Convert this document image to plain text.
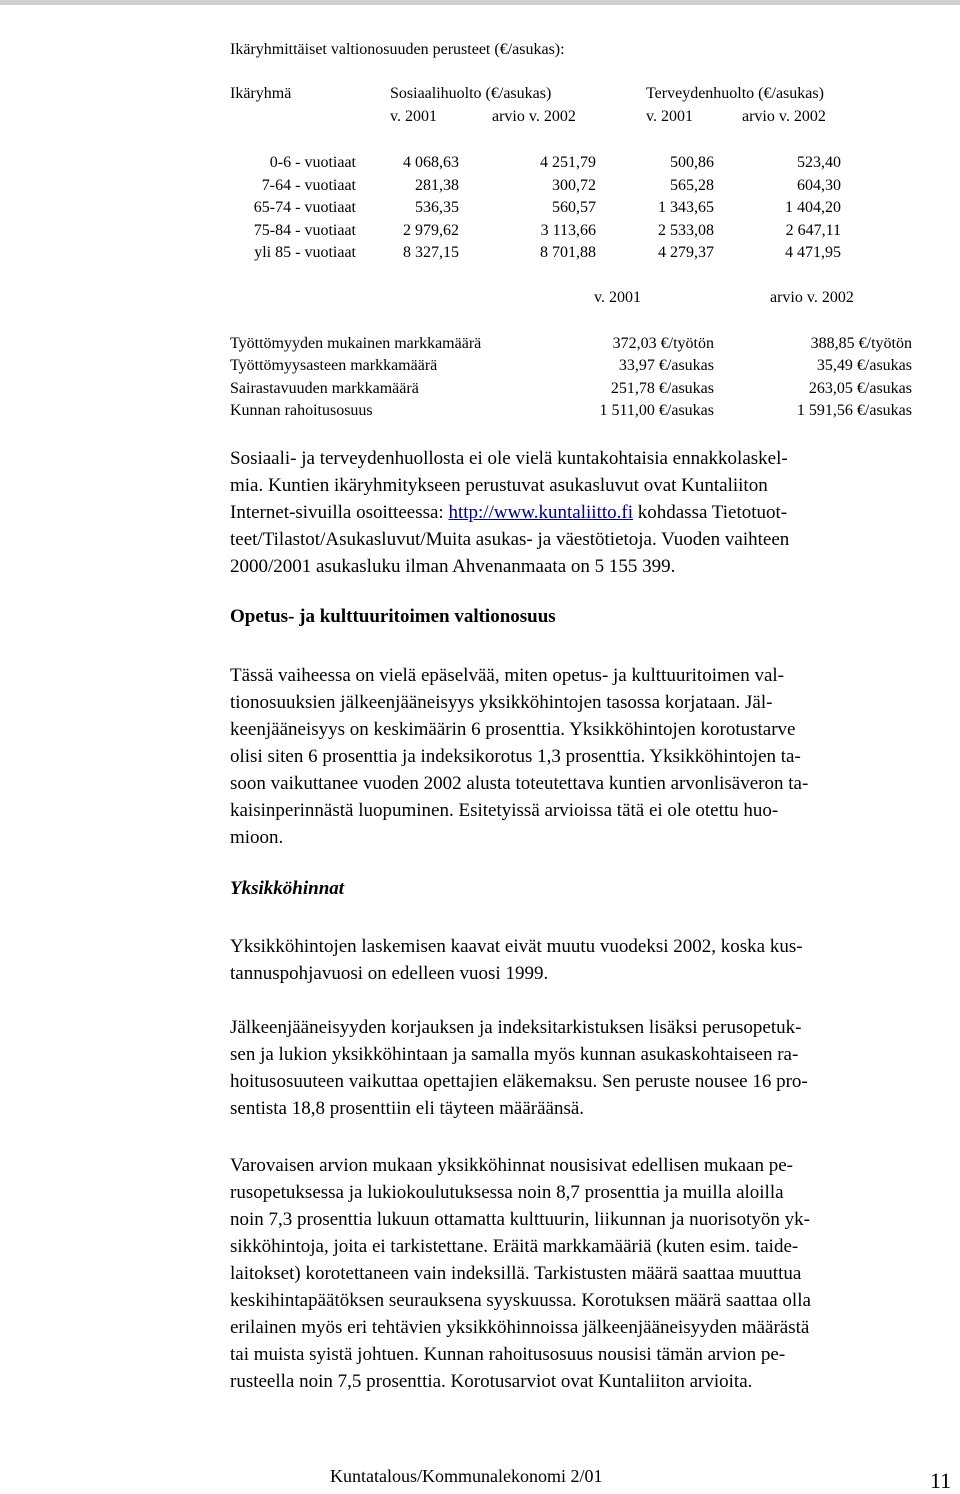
Ikäryhmittäiset valtionosuuden perusteet (€/asukas):
Ikäryhmä	Sosiaalihuolto (€/asukas)	Terveydenhuolto (€/asukas)
v. 2001	arvio v. 2002	v. 2001	arvio v. 2002
0-6 - vuotiaat	4 068,63	4 251,79	500,86	523,40
7-64 - vuotiaat	281,38	300,72	565,28	604,30
65-74 - vuotiaat	536,35	560,57	1 343,65	1 404,20
75-84 - vuotiaat	2 979,62	3 113,66	2 533,08	2 647,11
yli 85 - vuotiaat	8 327,15	8 701,88	4 279,37	4 471,95
v. 2001	arvio v. 2002
Työttömyyden mukainen markkamäärä	372,03 €/työtön	388,85 €/työtön
Työttömyysasteen markkamäärä	33,97 €/asukas	35,49 €/asukas
Sairastavuuden markkamäärä	251,78 €/asukas	263,05 €/asukas
Kunnan rahoitusosuus	1 511,00 €/asukas	1 591,56 €/asukas

Sosiaali- ja terveydenhuollosta ei ole vielä kuntakohtaisia ennakkolaskel-
mia. Kuntien ikäryhmitykseen perustuvat asukasluvut ovat Kuntaliiton
Internet-sivuilla osoitteessa: http://www.kuntaliitto.fi kohdassa Tietotuot-
teet/Tilastot/Asukasluvut/Muita asukas- ja väestötietoja. Vuoden vaihteen
2000/2001 asukasluku ilman Ahvenanmaata on 5 155 399.

Opetus- ja kulttuuritoimen valtionosuus

Tässä vaiheessa on vielä epäselvää, miten opetus- ja kulttuuritoimen val-
tionosuuksien jälkeenjääneisyys yksikköhintojen tasossa korjataan. Jäl-
keenjääneisyys on keskimäärin 6 prosenttia. Yksikköhintojen korotustarve
olisi siten 6 prosenttia ja indeksikorotus 1,3 prosenttia. Yksikköhintojen ta-
soon vaikuttanee vuoden 2002 alusta toteutettava kuntien arvonlisäveron ta-
kaisinperinnästä luopuminen. Esitetyissä arvioissa tätä ei ole otettu huo-
mioon.

Yksikköhinnat

Yksikköhintojen laskemisen kaavat eivät muutu vuodeksi 2002, koska kus-
tannuspohjavuosi on edelleen vuosi 1999.

Jälkeenjääneisyyden korjauksen ja indeksitarkistuksen lisäksi perusopetuk-
sen ja lukion yksikköhintaan ja samalla myös kunnan asukaskohtaiseen ra-
hoitusosuuteen vaikuttaa opettajien eläkemaksu. Sen peruste nousee 16 pro-
sentista 18,8 prosenttiin eli täyteen määräänsä.

Varovaisen arvion mukaan yksikköhinnat nousisivat edellisen mukaan pe-
rusopetuksessa ja lukiokoulutuksessa noin 8,7 prosenttia ja muilla aloilla
noin 7,3 prosenttia lukuun ottamatta kulttuurin, liikunnan ja nuorisotyön yk-
sikköhintoja, joita ei tarkistettane. Eräitä markkamääriä (kuten esim. taide-
laitokset) korotettaneen vain indeksillä. Tarkistusten määrä saattaa muuttua
keskihintapäätöksen seurauksena syyskuussa. Korotuksen määrä saattaa olla
erilainen myös eri tehtävien yksikköhinnoissa jälkeenjääneisyyden määrästä
tai muista syistä johtuen. Kunnan rahoitusosuus nousisi tämän arvion pe-
rusteella noin 7,5 prosenttia. Korotusarviot ovat Kuntaliiton arvioita.

Kuntatalous/Kommunalekonomi 2/01	11
